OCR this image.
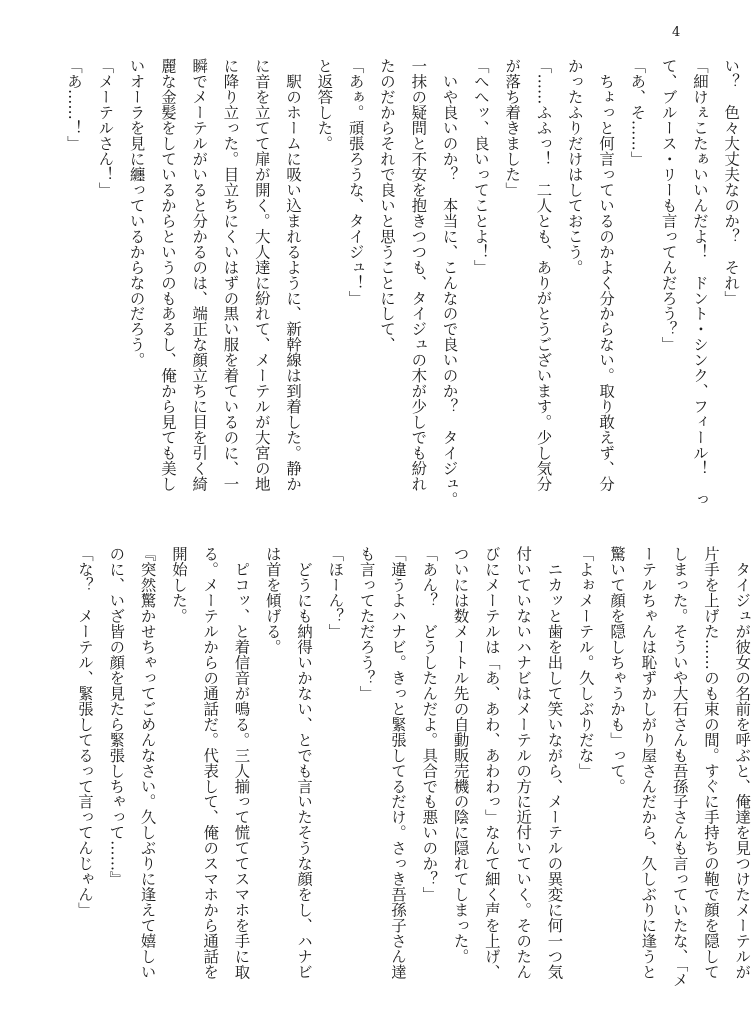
4
い？　色々大丈夫なのか？　それ」
「細けぇこたぁいいんだよ！　ドント・シンク、フィール！　っ
て、ブルース・リーも言ってんだろう？」
「あ、そ……」
　ちょっと何言っているのかよく分からない。取り敢えず、分
かったふりだけはしておこう。
「……ふふっ！　二人とも、ありがとうございます。少し気分
が落ち着きました」
「へへッ、良いってことよ！」
　いや良いのか？　本当に、こんなので良いのか？　タイジュ。
一抹の疑問と不安を抱きつつも、タイジュの木が少しでも紛れ
たのだからそれで良いと思うことにして、
「あぁ。頑張ろうな、タイジュ！」
と返答した。
　駅のホームに吸い込まれるように、新幹線は到着した。静か
に音を立てて扉が開く。大人達に紛れて、メーテルが大宮の地
に降り立った。目立ちにくいはずの黒い服を着ているのに、一
瞬でメーテルがいると分かるのは、端正な顔立ちに目を引く綺
麗な金髪をしているからというのもあるし、俺から見ても美し
いオーラを見に纏っているからなのだろう。
「メーテルさん！」
「あ……！」
　タイジュが彼女の名前を呼ぶと、俺達を見つけたメーテルが
片手を上げた……のも束の間。すぐに手持ちの鞄で顔を隠して
しまった。そういや大石さんも吾孫子さんも言っていたな、「メ
ーテルちゃんは恥ずかしがり屋さんだから、久しぶりに逢うと
驚いて顔を隠しちゃうかも」って。
「よぉメーテル。久しぶりだな」
　ニカッと歯を出して笑いながら、メーテルの異変に何一つ気
付いていないハナビはメーテルの方に近付いていく。そのたん
びにメーテルは「あ、あわ、あわわっ」なんて細く声を上げ、
ついには数メートル先の自動販売機の陰に隠れてしまった。
「あん？　どうしたんだよ。具合でも悪いのか？」
「違うよハナビ。きっと緊張してるだけ。さっき吾孫子さん達
も言ってただろう？」
「ほーん？」
　どうにも納得いかない、とでも言いたそうな顔をし、ハナビ
は首を傾げる。
　ピコッ、と着信音が鳴る。三人揃って慌ててスマホを手に取
る。メーテルからの通話だ。代表して、俺のスマホから通話を
開始した。
『突然驚かせちゃってごめんなさい。久しぶりに逢えて嬉しい
のに、いざ皆の顔を見たら緊張しちゃって……』
「な？　メーテル、緊張してるって言ってんじゃん」
